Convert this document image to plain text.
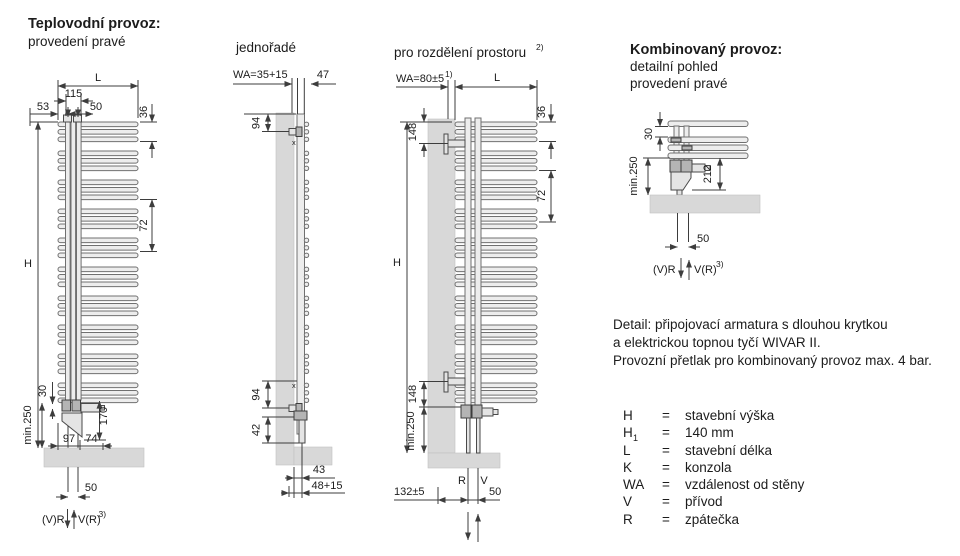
Teplovodní provoz:
provedení pravé
L
115
53	50
H
36
72
30
min.250	170
97 74
50
(V)R V(R)
3)
jednořadé
x
x
WA=35+15	47
94
94
42
43
48+15
pro rozdělení prostoru 2)
WA=80±5 1)	L
H
148
148
min.250
36
72
R V
132±5	50
Kombinovaný provoz:
detailní pohled
provedení pravé
30
min.250	212
50
(V)R V(R) 3)
Detail: připojovací armatura s dlouhou krytkou
a elektrickou topnou tyčí WIVAR II.
Provozní přetlak pro kombinovaný provoz max. 4 bar.
H = stavební výška
H 1 = 140 mm
L = stavební délka
K = konzola
WA = vzdálenost od stěny
V = přívod
R = zpátečka
